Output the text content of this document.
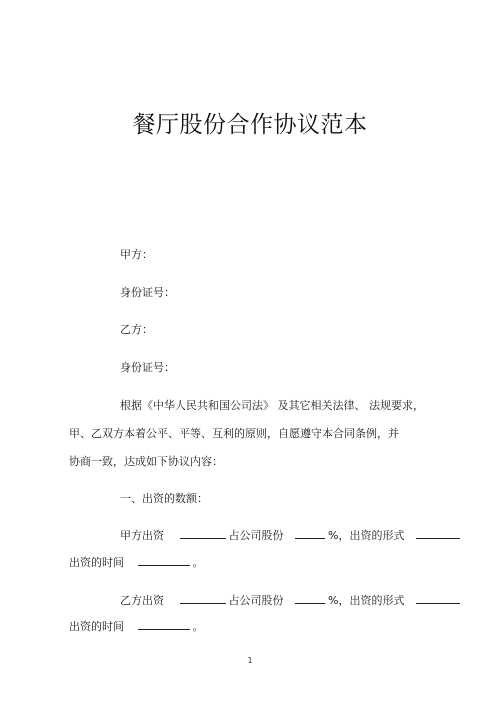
餐厅股份合作协议范本
甲方：
身份证号：
乙方：
身份证号：
根据《中华人民共和国公司法》 及其它相关法律、 法规要求，
甲、乙双方本着公平、平等、互利的原则，自愿遵守本合同条例，并
协商一致，达成如下协议内容：
一、出资的数额：
甲方出资	占公司股份	%，出资的形式
出资的时间	。
乙方出资	占公司股份	%，出资的形式
出资的时间	。
1
